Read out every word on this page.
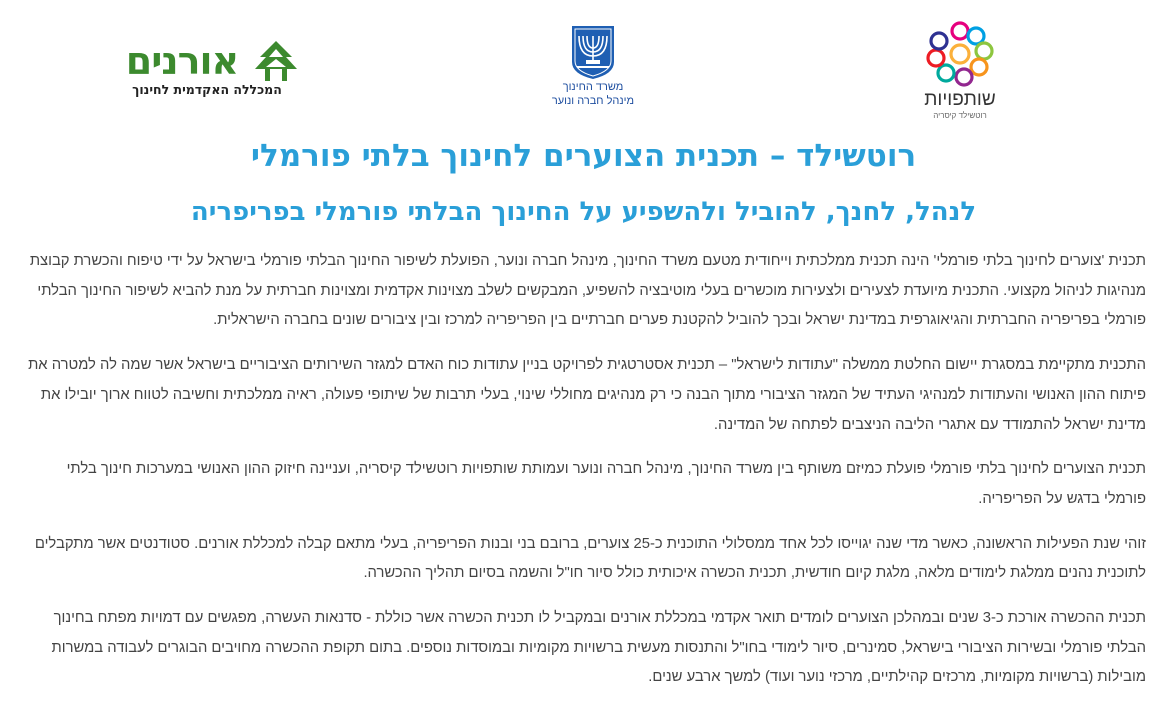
אורנים
המכללה האקדמית לחינוך	משרד החינוך
מינהל חברה ונוער	שותפויות
רוטשילד קיסריה
רוטשילד – תכנית הצוערים לחינוך בלתי פורמלי
לנהל, לחנך, להוביל ולהשפיע על החינוך הבלתי פורמלי בפריפריה

תכנית 'צוערים לחינוך בלתי פורמלי' הינה תכנית ממלכתית וייחודית מטעם משרד החינוך, מינהל חברה ונוער, הפועלת לשיפור החינוך הבלתי פורמלי בישראל על ידי טיפוח והכשרת קבוצת מנהיגות לניהול מקצועי. התכנית מיועדת לצעירים ולצעירות מוכשרים בעלי מוטיבציה להשפיע, המבקשים לשלב מצוינות אקדמית ומצוינות חברתית על מנת להביא לשיפור החינוך הבלתי פורמלי בפריפריה החברתית והגיאוגרפית במדינת ישראל ובכך להוביל להקטנת פערים חברתיים בין הפריפריה למרכז ובין ציבורים שונים בחברה הישראלית.

התכנית מתקיימת במסגרת יישום החלטת ממשלה "עתודות לישראל" – תכנית אסטרטגית לפרויקט בניין עתודות כוח האדם למגזר השירותים הציבוריים בישראל אשר שמה לה למטרה את פיתוח ההון האנושי והעתודות למנהיגי העתיד של המגזר הציבורי מתוך הבנה כי רק מנהיגים מחוללי שינוי, בעלי תרבות של שיתופי פעולה, ראיה ממלכתית וחשיבה לטווח ארוך יובילו את מדינת ישראל להתמודד עם אתגרי הליבה הניצבים לפתחה של המדינה.

תכנית הצוערים לחינוך בלתי פורמלי פועלת כמיזם משותף בין משרד החינוך, מינהל חברה ונוער ועמותת שותפויות רוטשילד קיסריה, ועניינה חיזוק ההון האנושי במערכות חינוך בלתי פורמלי בדגש על הפריפריה.

זוהי שנת הפעילות הראשונה, כאשר מדי שנה יגוייסו לכל אחד ממסלולי התוכנית כ-25 צוערים, ברובם בני ובנות הפריפריה, בעלי מתאם קבלה למכללת אורנים. סטודנטים אשר מתקבלים לתוכנית נהנים ממלגת לימודים מלאה, מלגת קיום חודשית, תכנית הכשרה איכותית כולל סיור חו"ל והשמה בסיום תהליך ההכשרה.

תכנית ההכשרה אורכת כ-3 שנים ובמהלכן הצוערים לומדים תואר אקדמי במכללת אורנים ובמקביל לו תכנית הכשרה אשר כוללת - סדנאות העשרה, מפגשים עם דמויות מפתח בחינוך הבלתי פורמלי ובשירות הציבורי בישראל, סמינרים, סיור לימודי בחו"ל והתנסות מעשית ברשויות מקומיות ובמוסדות נוספים. בתום תקופת ההכשרה מחויבים הבוגרים לעבודה במשרות מובילות (ברשויות מקומיות, מרכזים קהילתיים, מרכזי נוער ועוד) למשך ארבע שנים.
